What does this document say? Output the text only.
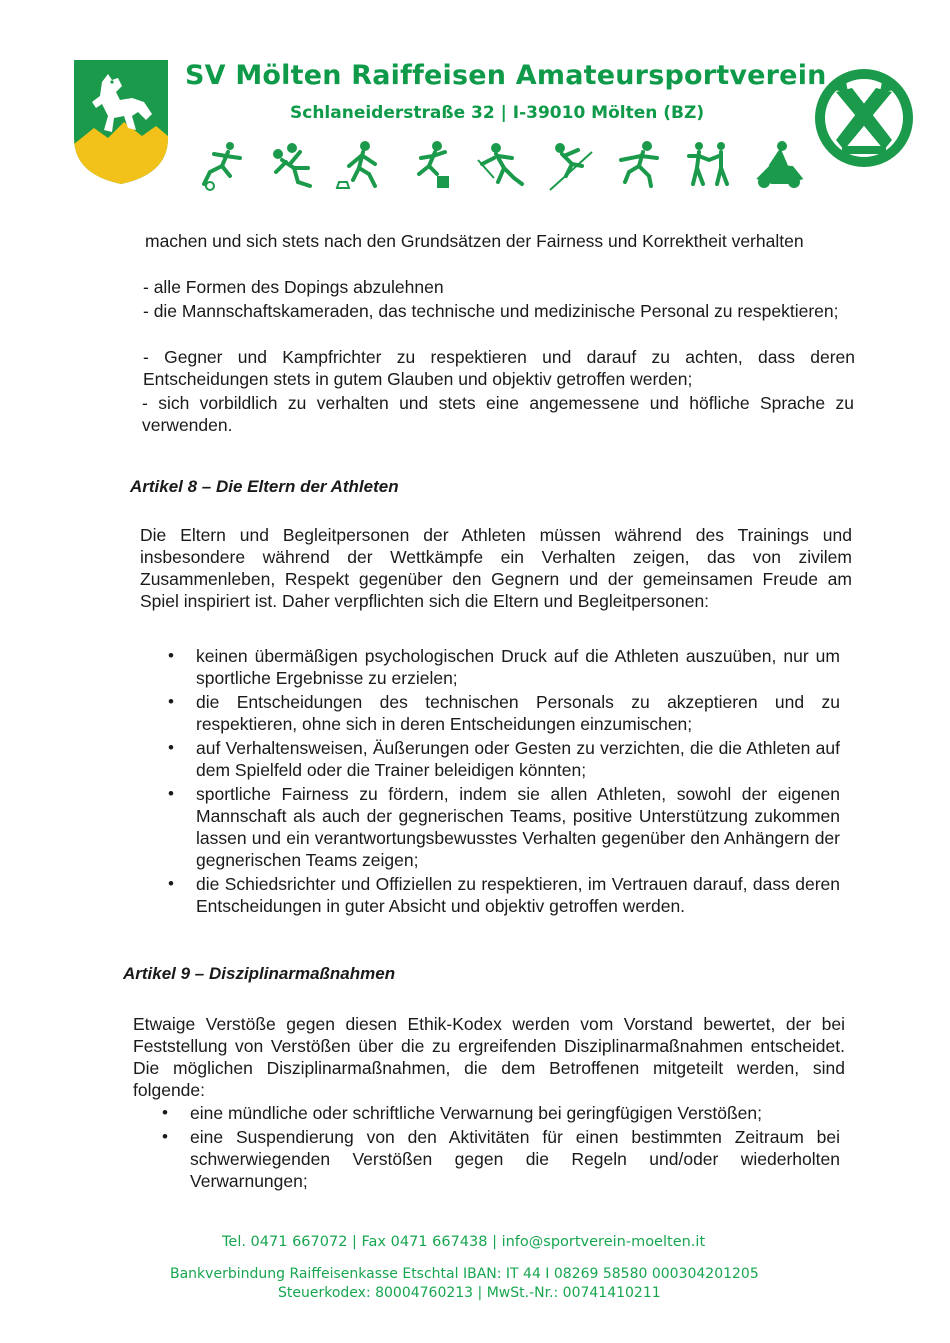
SV Mölten Raiffeisen Amateursportverein
Schlaneiderstraße 32 | I-39010 Mölten (BZ)

machen und sich stets nach den Grundsätzen der Fairness und Korrektheit verhalten

- alle Formen des Dopings abzulehnen

- die Mannschaftskameraden, das technische und medizinische Personal zu respektieren;

- Gegner und Kampfrichter zu respektieren und darauf zu achten, dass deren Entscheidungen stets in gutem Glauben und objektiv getroffen werden;

- sich vorbildlich zu verhalten und stets eine angemessene und höfliche Sprache zu verwenden.

Artikel 8 – Die Eltern der Athleten

Die Eltern und Begleitpersonen der Athleten müssen während des Trainings und insbesondere während der Wettkämpfe ein Verhalten zeigen, das von zivilem Zusammenleben, Respekt gegenüber den Gegnern und der gemeinsamen Freude am Spiel inspiriert ist. Daher verpflichten sich die Eltern und Begleitpersonen:

• keinen übermäßigen psychologischen Druck auf die Athleten auszuüben, nur um sportliche Ergebnisse zu erzielen;
• die Entscheidungen des technischen Personals zu akzeptieren und zu respektieren, ohne sich in deren Entscheidungen einzumischen;
• auf Verhaltensweisen, Äußerungen oder Gesten zu verzichten, die die Athleten auf dem Spielfeld oder die Trainer beleidigen könnten;
• sportliche Fairness zu fördern, indem sie allen Athleten, sowohl der eigenen Mannschaft als auch der gegnerischen Teams, positive Unterstützung zukommen lassen und ein verantwortungsbewusstes Verhalten gegenüber den Anhängern der gegnerischen Teams zeigen;
• die Schiedsrichter und Offiziellen zu respektieren, im Vertrauen darauf, dass deren Entscheidungen in guter Absicht und objektiv getroffen werden.
Artikel 9 – Disziplinarmaßnahmen

Etwaige Verstöße gegen diesen Ethik-Kodex werden vom Vorstand bewertet, der bei Feststellung von Verstößen über die zu ergreifenden Disziplinarmaßnahmen entscheidet. Die möglichen Disziplinarmaßnahmen, die dem Betroffenen mitgeteilt werden, sind folgende:

• eine mündliche oder schriftliche Verwarnung bei geringfügigen Verstößen;
• eine Suspendierung von den Aktivitäten für einen bestimmten Zeitraum bei schwerwiegenden Verstößen gegen die Regeln und/oder wiederholten Verwarnungen;
Tel. 0471 667072 | Fax 0471 667438 | info@sportverein-moelten.it
Bankverbindung Raiffeisenkasse Etschtal IBAN: IT 44 I 08269 58580 000304201205
Steuerkodex: 80004760213 | MwSt.-Nr.: 00741410211
